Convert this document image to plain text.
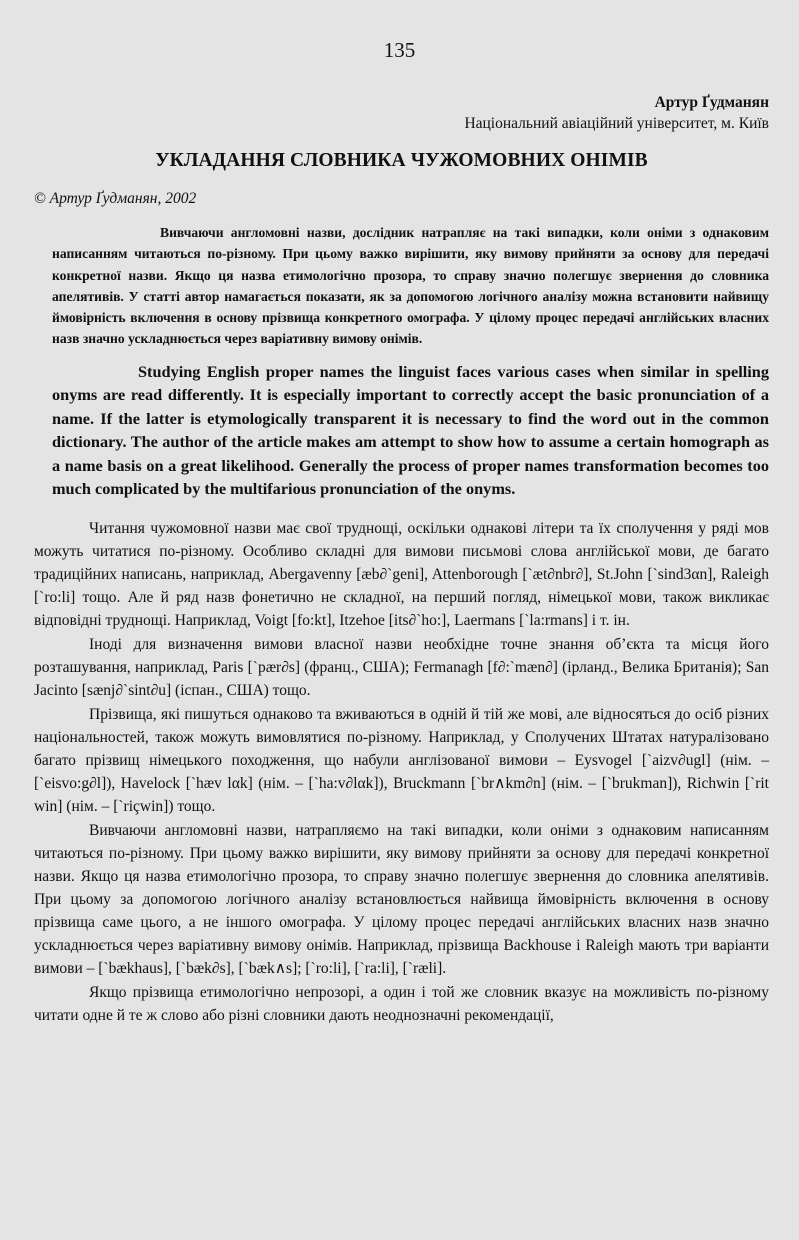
135
Артур Ґудманян
Національний авіаційний університет, м. Київ
УКЛАДАННЯ СЛОВНИКА ЧУЖОМОВНИХ ОНІМІВ
© Артур Ґудманян, 2002

Вивчаючи англомовні назви, дослідник натрапляє на такі випадки, коли оніми з однаковим написанням читаються по-різному. При цьому важко вирішити, яку вимову прийняти за основу для передачі конкретної назви. Якщо ця назва етимологічно прозора, то справу значно полегшує звернення до словника апелятивів. У статті автор намагається показати, як за допомогою логічного аналізу можна встановити найвищу ймовірність включення в основу прізвища конкретного омографа. У цілому процес передачі англійських власних назв значно ускладнюється через варіативну вимову онімів.

Studying English proper names the linguist faces various cases when similar in spelling onyms are read differently. It is especially important to correctly accept the basic pronunciation of a name. If the latter is etymologically transparent it is necessary to find the word out in the common dictionary. The author of the article makes am attempt to show how to assume a certain homograph as a name basis on a great likelihood. Generally the process of proper names transformation becomes too much complicated by the multifarious pronunciation of the onyms.

Читання чужомовної назви має свої труднощі, оскільки однакові літери та їх сполучення у ряді мов можуть читатися по-різному. Особливо складні для вимови письмові слова англійської мови, де багато традиційних написань, наприклад, Abergavenny [æb∂`geni], Attenborough [`æt∂nbr∂], St.John [`sind3αn], Raleigh [`ro:li] тощо. Але й ряд назв фонетично не складної, на перший погляд, німецької мови, також викликає відповідні труднощі. Наприклад, Voigt [fo:kt], Itzehoe [its∂`ho:], Laermans [`la:rmans] і т. ін.

Іноді для визначення вимови власної назви необхідне точне знання об’єкта та місця його розташування, наприклад, Paris [`pær∂s] (франц., США); Fermanagh [f∂:`mæn∂] (ірланд., Велика Британія); San Jacinto [sænj∂`sint∂u] (іспан., США) тощо.

Прізвища, які пишуться однаково та вживаються в одній й тій же мові, але відносяться до осіб різних національностей, також можуть вимовлятися по-різному. Наприклад, у Сполучених Штатах натуралізовано багато прізвищ німецького походження, що набули англізованої вимови – Eysvogel [`aizv∂ugl] (нім. – [`eisvo:g∂l]), Havelock [`hæv lαk] (нім. – [`ha:v∂lαk]), Bruckmann [`br∧km∂n] (нім. – [`brukman]), Richwin [`rit win] (нім. – [`riçwin]) тощо.

Вивчаючи англомовні назви, натрапляємо на такі випадки, коли оніми з однаковим написанням читаються по-різному. При цьому важко вирішити, яку вимову прийняти за основу для передачі конкретної назви. Якщо ця назва етимологічно прозора, то справу значно полегшує звернення до словника апелятивів. При цьому за допомогою логічного аналізу встановлюється найвища ймовірність включення в основу прізвища саме цього, а не іншого омографа. У цілому процес передачі англійських власних назв значно ускладнюється через варіативну вимову онімів. Наприклад, прізвища Backhouse і Raleigh мають три варіанти вимови – [`bækhaus], [`bæk∂s], [`bæk∧s]; [`ro:li], [`ra:li], [`ræli].

Якщо прізвища етимологічно непрозорі, а один і той же словник вказує на можливість по-різному читати одне й те ж слово або різні словники дають неоднозначні рекомендації,
